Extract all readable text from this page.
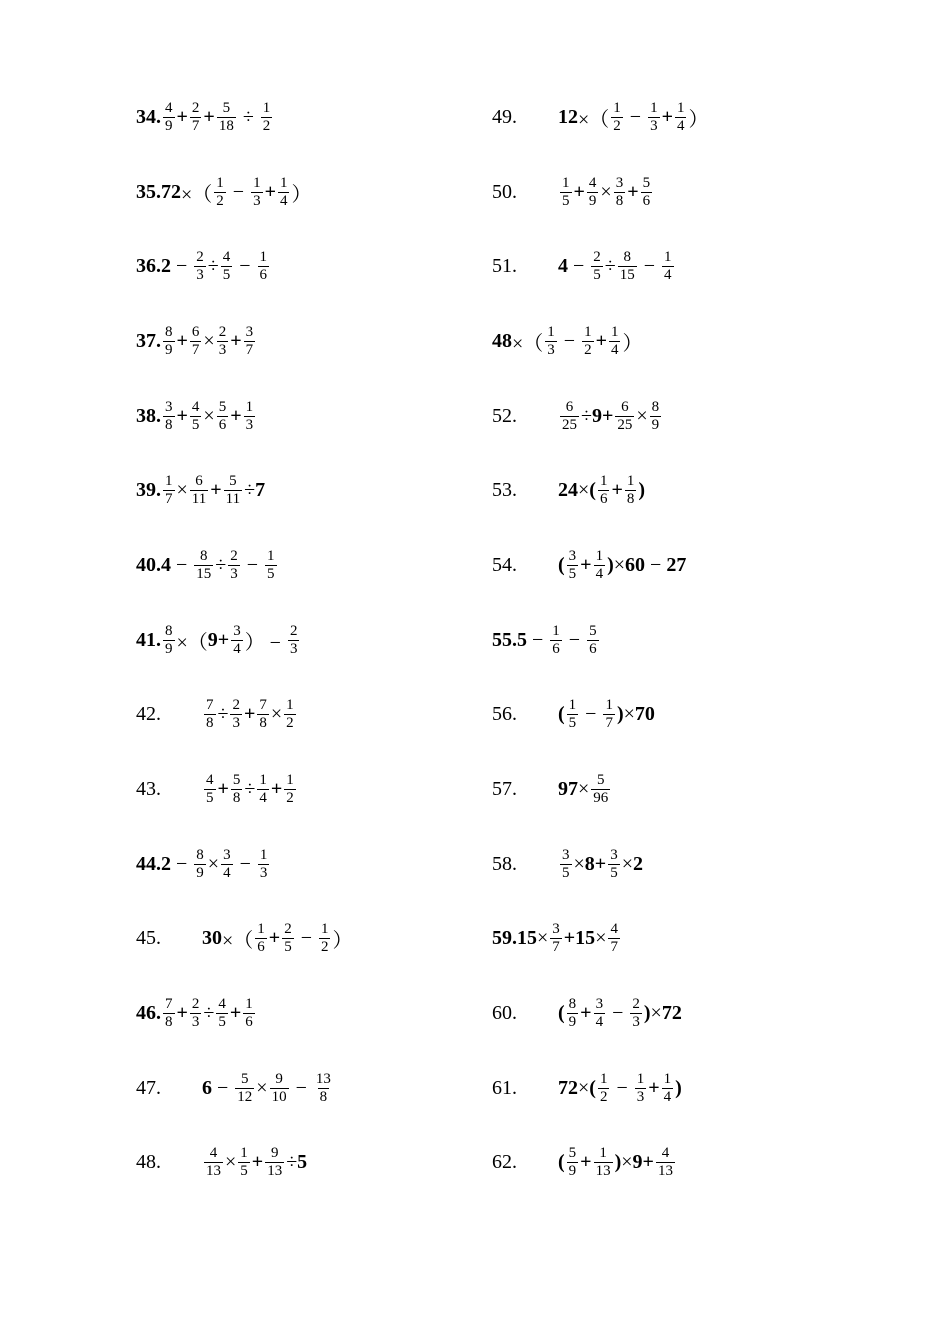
34. $\frac{4}{9} + \frac{2}{7} + \frac{5}{18} \div \frac{1}{2}$
35. 72 ×（ $\frac{1}{2} - \frac{1}{3} + \frac{1}{4}$ ）
36. $2 - \frac{2}{3} \div \frac{4}{5} - \frac{1}{6}$
37. $\frac{8}{9} + \frac{6}{7} \times \frac{2}{3} + \frac{3}{7}$
38. $\frac{3}{8} + \frac{4}{5} \times \frac{5}{6} + \frac{1}{3}$
39. $\frac{1}{7} \times \frac{6}{11} + \frac{5}{11} \div 7$
40. $4 - \frac{8}{15} \div \frac{2}{3} - \frac{1}{5}$
41. $\frac{8}{9}$ ×（ $9+ \frac{3}{4}$ ） − $\frac{2}{3}$
42.	$\frac{7}{8} \div \frac{2}{3} + \frac{7}{8} \times \frac{1}{2}$
43.	$\frac{4}{5} + \frac{5}{8} \div \frac{1}{4} + \frac{1}{2}$
44. $2 - \frac{8}{9} \times \frac{3}{4} - \frac{1}{3}$
45.	30 ×（ $\frac{1}{6} + \frac{2}{5} - \frac{1}{2}$ ）
46. $\frac{7}{8} + \frac{2}{3} \div \frac{4}{5} + \frac{1}{6}$
47.	$6 - \frac{5}{12} \times \frac{9}{10} - \frac{13}{8}$
48.	$\frac{4}{13} \times \frac{1}{5} + \frac{9}{13} \div 5$
49.	12 ×（ $\frac{1}{2} - \frac{1}{3} + \frac{1}{4}$ ）
50.	$\frac{1}{5} + \frac{4}{9} \times \frac{3}{8} + \frac{5}{6}$
51.	$4 - \frac{2}{5} \div \frac{8}{15} - \frac{1}{4}$
48 ×（ $\frac{1}{3} - \frac{1}{2} + \frac{1}{4}$ ）
52.	$\frac{6}{25} \div 9+ \frac{6}{25} \times \frac{8}{9}$
53.	24 × ( $\frac{1}{6} + \frac{1}{8}$ )
54.	( $\frac{3}{5} + \frac{1}{4}$ ) × 60 − 27
55. $5 - \frac{1}{6} - \frac{5}{6}$
56.	( $\frac{1}{5} - \frac{1}{7}$ ) × 70
57.	$97 \times \frac{5}{96}$
58.	$\frac{3}{5} \times 8+ \frac{3}{5} \times 2$
59. $15 \times \frac{3}{7} +15 \times \frac{4}{7}$
60.	( $\frac{8}{9} + \frac{3}{4} - \frac{2}{3}$ ) × 72
61.	72 × ( $\frac{1}{2} - \frac{1}{3} + \frac{1}{4}$ )
62.	( $\frac{5}{9} + \frac{1}{13}$ ) × $9+ \frac{4}{13}$
